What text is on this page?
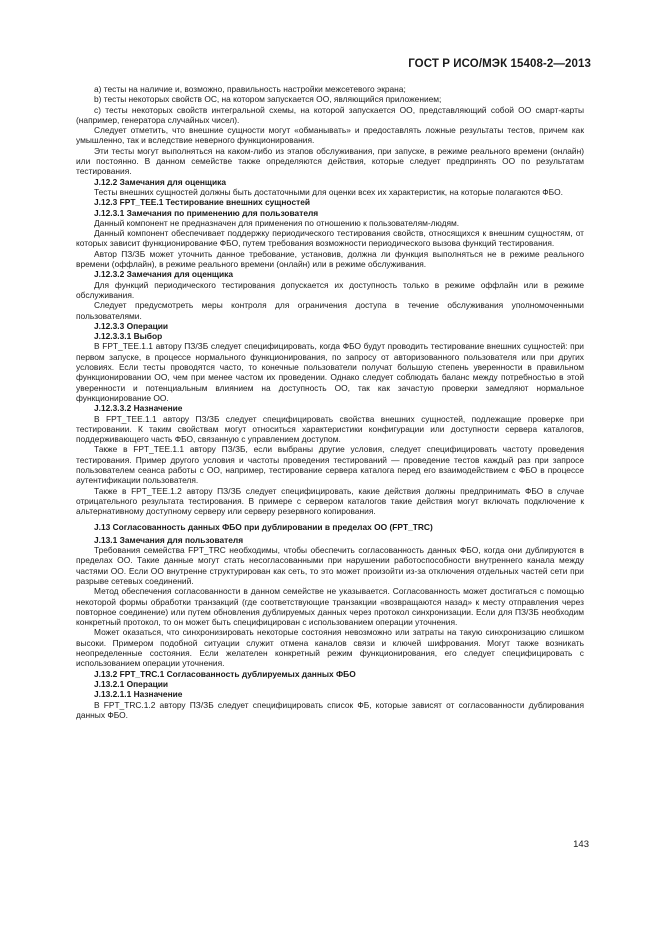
ГОСТ Р ИСО/МЭК 15408-2—2013

а) тесты на наличие и, возможно, правильность настройки межсетевого экрана;

b) тесты некоторых свойств ОС, на котором запускается ОО, являющийся приложением;

с) тесты некоторых свойств интегральной схемы, на которой запускается ОО, представляющий собой ОО смарт-карты (например, генератора случайных чисел).

Следует отметить, что внешние сущности могут «обманывать» и предоставлять ложные результаты тестов, причем как умышленно, так и вследствие неверного функционирования.

Эти тесты могут выполняться на каком-либо из этапов обслуживания, при запуске, в режиме реального времени (онлайн) или постоянно. В данном семействе также определяются действия, которые следует предпринять ОО по результатам тестирования.

J.12.2 Замечания для оценщика

Тесты внешних сущностей должны быть достаточными для оценки всех их характеристик, на которые полагаются ФБО.

J.12.3 FPT_TEE.1 Тестирование внешних сущностей

J.12.3.1 Замечания по применению для пользователя

Данный компонент не предназначен для применения по отношению к пользователям-людям.

Данный компонент обеспечивает поддержку периодического тестирования свойств, относящихся к внешним сущностям, от которых зависит функционирование ФБО, путем требования возможности периодического вызова функций тестирования.

Автор ПЗ/ЗБ может уточнить данное требование, установив, должна ли функция выполняться не в режиме реального времени (оффлайн), в режиме реального времени (онлайн) или в режиме обслуживания.

J.12.3.2 Замечания для оценщика

Для функций периодического тестирования допускается их доступность только в режиме оффлайн или в режиме обслуживания.

Следует предусмотреть меры контроля для ограничения доступа в течение обслуживания уполномоченными пользователями.

J.12.3.3 Операции

J.12.3.3.1 Выбор

В FPT_TEE.1.1 автору ПЗ/ЗБ следует специфицировать, когда ФБО будут проводить тестирование внешних сущностей: при первом запуске, в процессе нормального функционирования, по запросу от авторизованного пользователя или при других условиях. Если тесты проводятся часто, то конечные пользователи получат большую степень уверенности в правильном функционировании ОО, чем при менее частом их проведении. Однако следует соблюдать баланс между потребностью в этой уверенности и потенциальным влиянием на доступность ОО, так как зачастую проверки замедляют нормальное функционирование ОО.

J.12.3.3.2 Назначение

В FPT_TEE.1.1 автору ПЗ/ЗБ следует специфицировать свойства внешних сущностей, подлежащие проверке при тестировании. К таким свойствам могут относиться характеристики конфигурации или доступности сервера каталогов, поддерживающего часть ФБО, связанную с управлением доступом.

Также в FPT_TEE.1.1 автору ПЗ/ЗБ, если выбраны другие условия, следует специфицировать частоту проведения тестирования. Пример другого условия и частоты проведения тестирований — проведение тестов каждый раз при запросе пользователем сеанса работы с ОО, например, тестирование сервера каталога перед его взаимодействием с ФБО в процессе аутентификации пользователя.

Также в FPT_TEE.1.2 автору ПЗ/ЗБ следует специфицировать, какие действия должны предпринимать ФБО в случае отрицательного результата тестирования. В примере с сервером каталогов такие действия могут включать подключение к альтернативному доступному серверу или серверу резервного копирования.

J.13 Согласованность данных ФБО при дублировании в пределах ОО (FPT_TRC)

J.13.1 Замечания для пользователя

Требования семейства FPT_TRC необходимы, чтобы обеспечить согласованность данных ФБО, когда они дублируются в пределах ОО. Такие данные могут стать несогласованными при нарушении работоспособности внутреннего канала между частями ОО. Если ОО внутренне структурирован как сеть, то это может произойти из-за отключения отдельных частей сети при разрыве сетевых соединений.

Метод обеспечения согласованности в данном семействе не указывается. Согласованность может достигаться с помощью некоторой формы обработки транзакций (где соответствующие транзакции «возвращаются назад» к месту отправления через повторное соединение) или путем обновления дублируемых данных через протокол синхронизации. Если для ПЗ/ЗБ необходим конкретный протокол, то он может быть специфицирован с использованием операции уточнения.

Может оказаться, что синхронизировать некоторые состояния невозможно или затраты на такую синхронизацию слишком высоки. Примером подобной ситуации служит отмена каналов связи и ключей шифрования. Могут также возникать неопределенные состояния. Если желателен конкретный режим функционирования, его следует специфицировать с использованием операции уточнения.

J.13.2 FPT_TRC.1 Согласованность дублируемых данных ФБО

J.13.2.1 Операции

J.13.2.1.1 Назначение

В FPT_TRC.1.2 автору ПЗ/ЗБ следует специфицировать список ФБ, которые зависят от согласованности дублирования данных ФБО.

143
